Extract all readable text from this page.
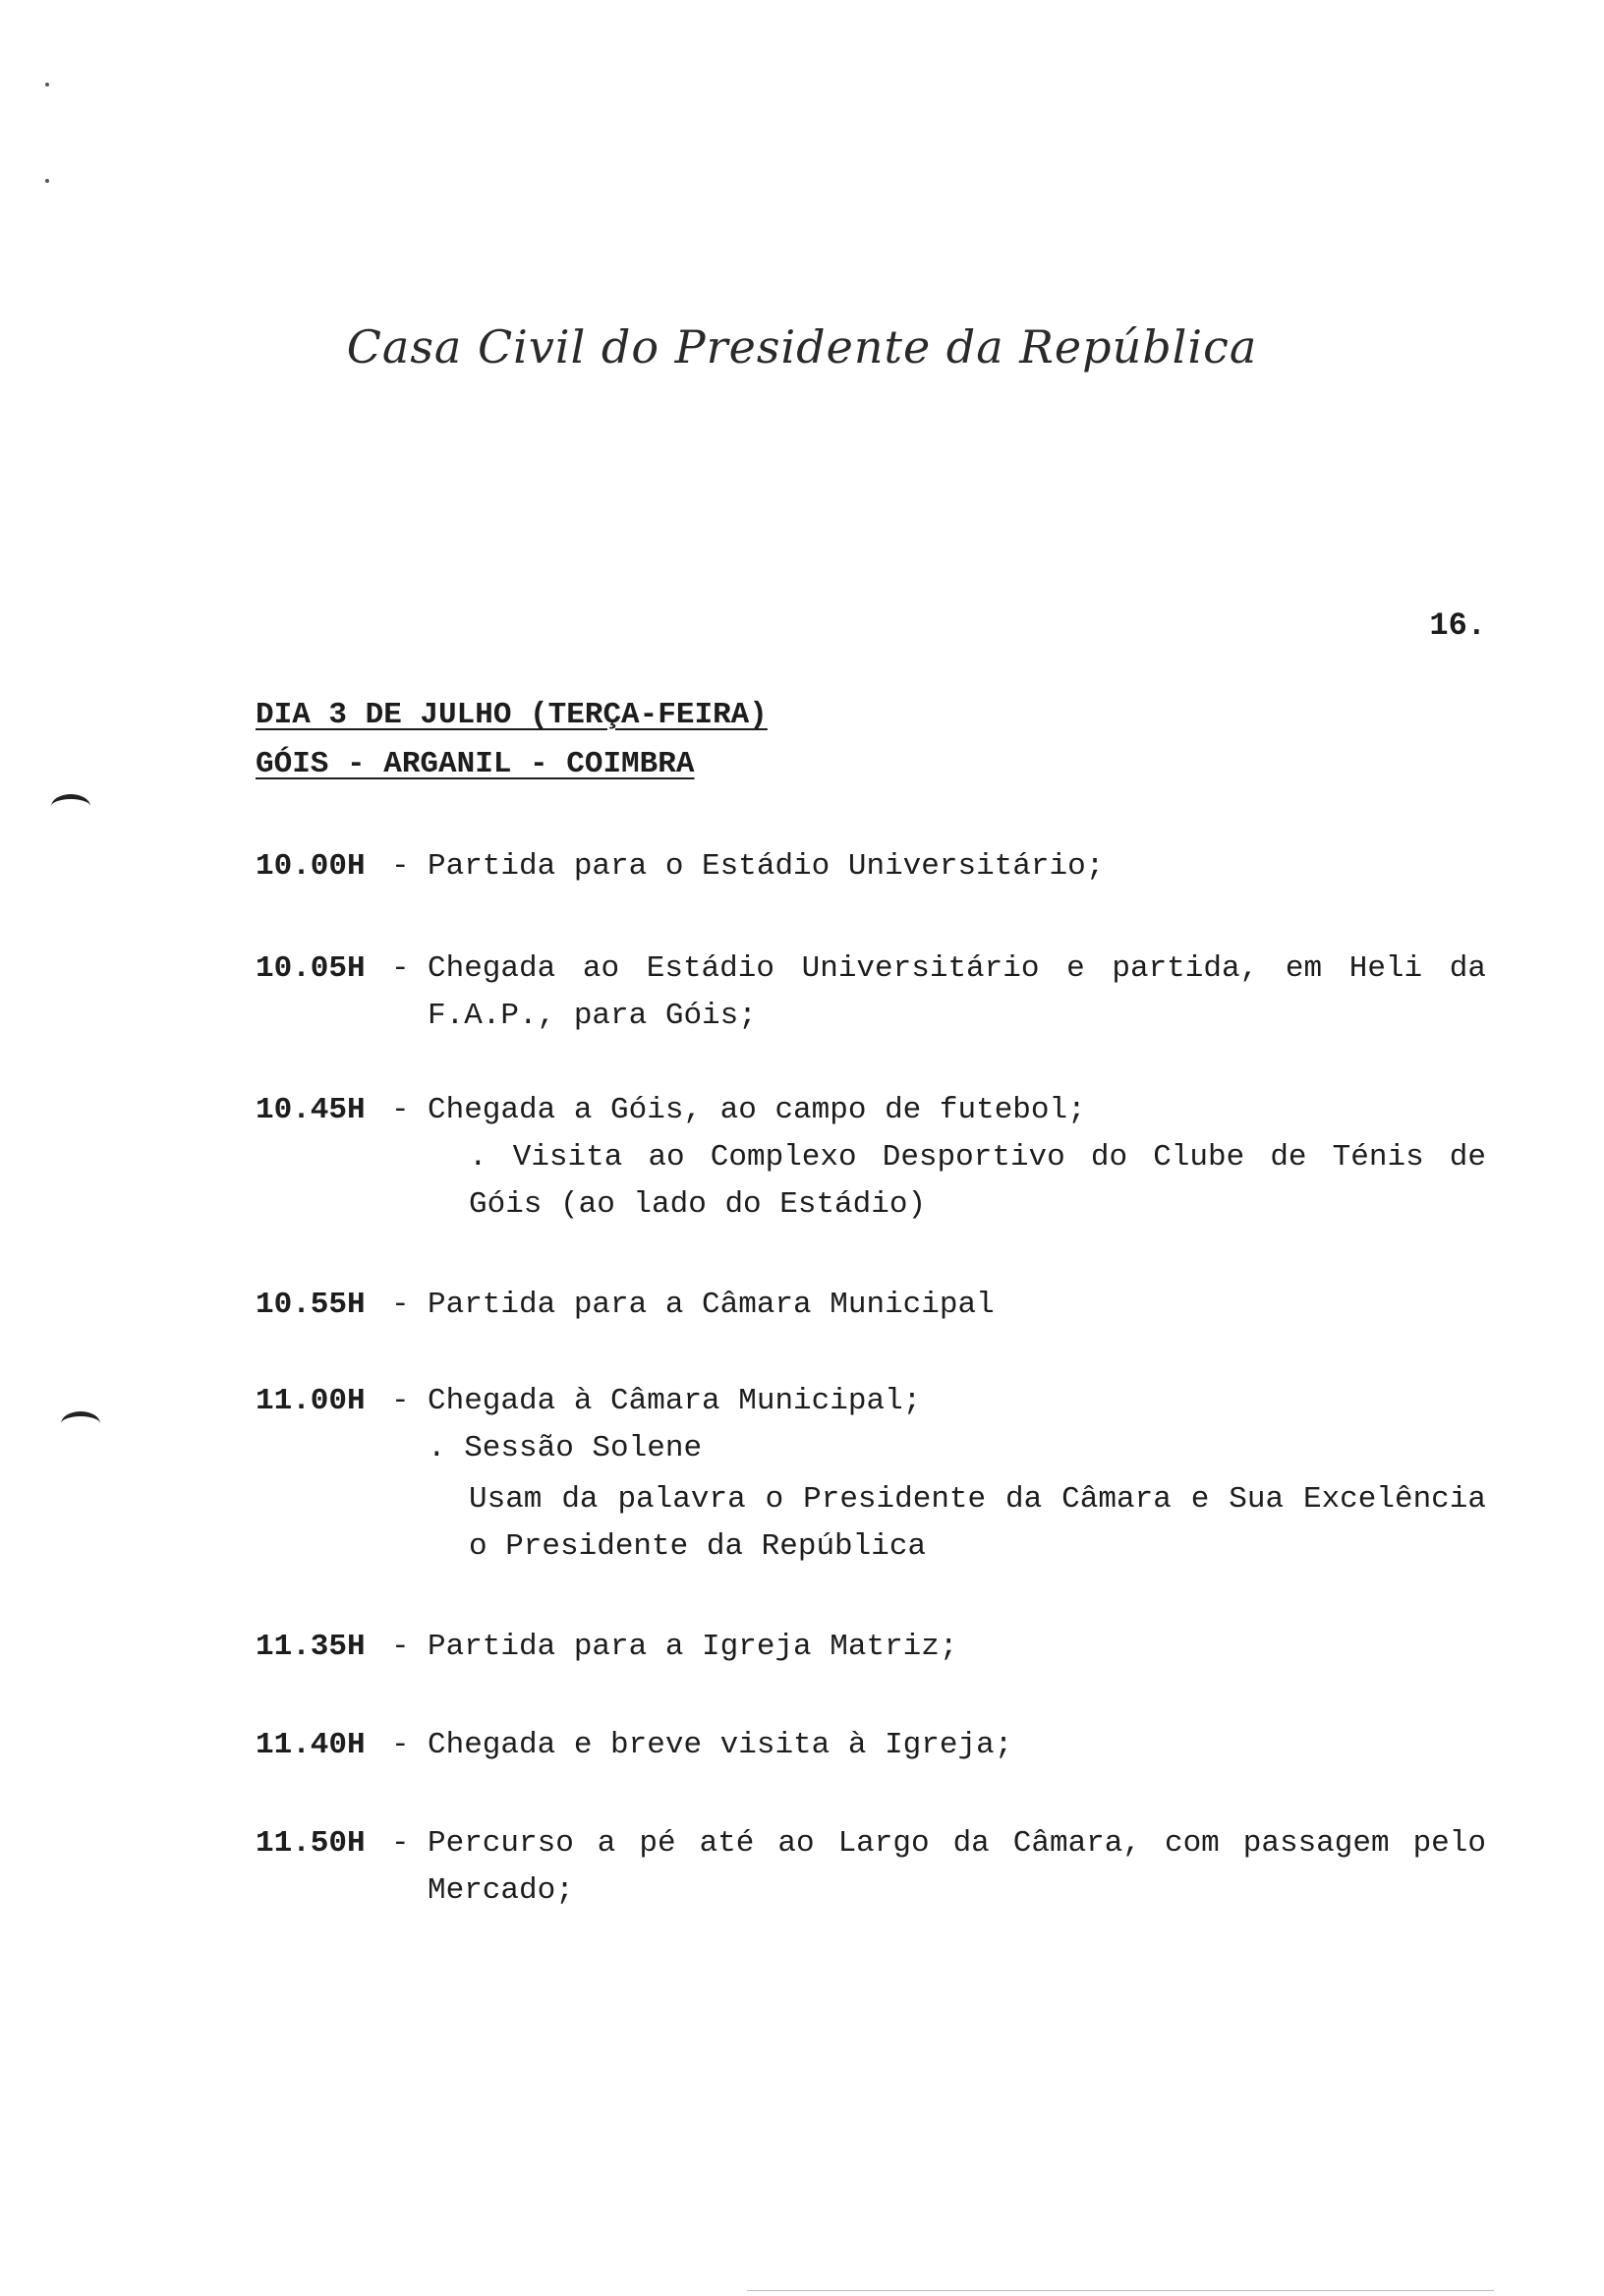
Casa Civil do Presidente da República
16.
DIA 3 DE JULHO (TERÇA-FEIRA)
GÓIS - ARGANIL - COIMBRA
10.00H - Partida para o Estádio Universitário;
10.05H - Chegada ao Estádio Universitário e partida, em Heli da F.A.P., para Góis;
10.45H - Chegada a Góis, ao campo de futebol;
. Visita ao Complexo Desportivo do Clube de Ténis de Góis (ao lado do Estádio)
10.55H - Partida para a Câmara Municipal
11.00H - Chegada à Câmara Municipal;
. Sessão Solene
Usam da palavra o Presidente da Câmara e Sua Excelência o Presidente da República
11.35H - Partida para a Igreja Matriz;
11.40H - Chegada e breve visita à Igreja;
11.50H - Percurso a pé até ao Largo da Câmara, com passagem pelo Mercado;
